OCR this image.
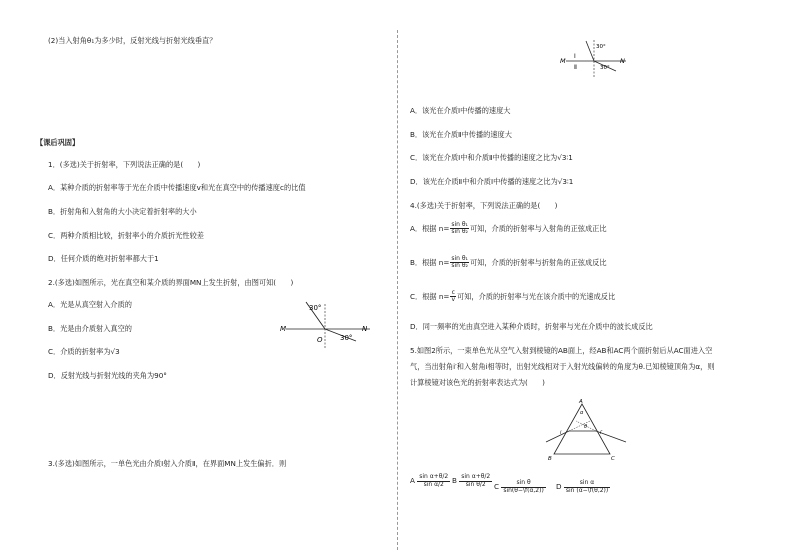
(2)当入射角θ₁为多少时，反射光线与折射光线垂直？
【课后巩固】
1．(多选)关于折射率，下列说法正确的是(　　)
A．某种介质的折射率等于光在介质中传播速度v和光在真空中的传播速度c的比值
B．折射角和入射角的大小决定着折射率的大小
C．两种介质相比较，折射率小的介质折光性较差
D．任何介质的绝对折射率都大于1
2.(多选)如图所示，光在真空和某介质的界面MN上发生折射，由图可知(　　)
A．光是从真空射入介质的
B．光是由介质射入真空的
C．介质的折射率为√3
D．反射光线与折射光线的夹角为90°
M	N
O
30°
30°
3.(多选)如图所示，一单色光由介质Ⅰ射入介质Ⅱ，在界面MN上发生偏折．则
M	N
Ⅰ
Ⅱ
30°
30°
A．该光在介质Ⅰ中传播的速度大
B．该光在介质Ⅱ中传播的速度大
C．该光在介质Ⅰ中和介质Ⅱ中传播的速度之比为√3∶1
D．该光在介质Ⅱ中和介质Ⅰ中传播的速度之比为√3∶1
4.(多选)关于折射率，下列说法正确的是(　　)
A．根据 $n= \frac{\text{sin θ₁}}{\text{sin θ₂}}$ 可知，介质的折射率与入射角的正弦成正比
B．根据 $n= \frac{\text{sin θ₁}}{\text{sin θ₂}}$ 可知，介质的折射率与折射角的正弦成反比
C．根据 $n= \frac{c}{v}$ 可知，介质的折射率与光在该介质中的光速成反比
D．同一频率的光由真空进入某种介质时，折射率与光在介质中的波长成反比
5.如图2所示，一束单色光从空气入射到棱镜的AB面上，经AB和AC两个面折射后从AC面进入空
气，当出射角i′和入射角i相等时，出射光线相对于入射光线偏转的角度为θ.已知棱镜顶角为α，则
计算棱镜对该色光的折射率表达式为(　　)
A
B	C
α
θ
i	i′
A $\frac{\text{sin α+θ/2}}{\text{sin α/2}}$ B $\frac{\text{sin α+θ/2}}{\text{sin θ/2}}$ C $\frac{\text{sin θ}}{\sin(\theta-\backslash f(\alpha,2))}$ D $\frac{\text{sin α}}{\sin (\alpha-\backslash f(\theta,2))}$
